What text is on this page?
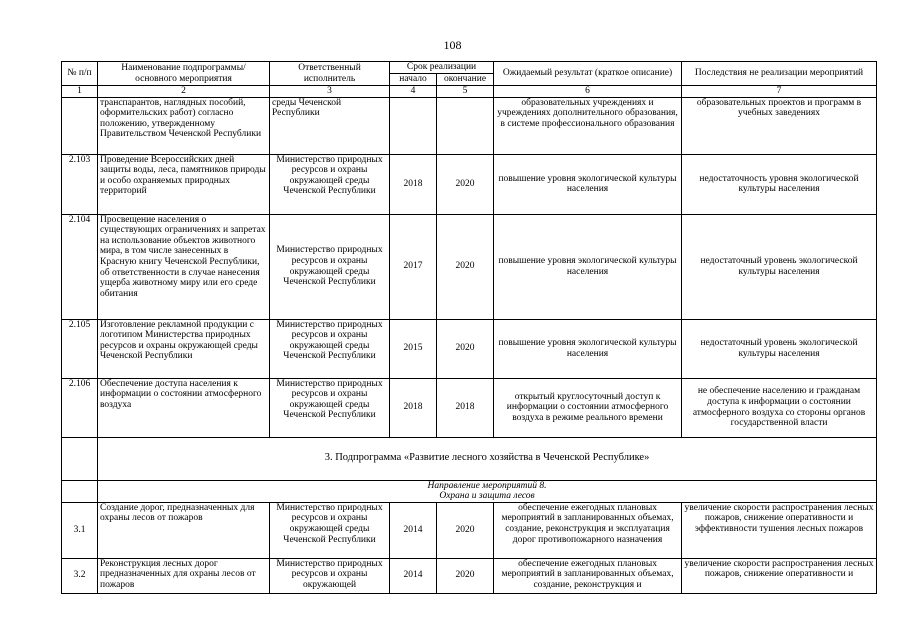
108
№ п/п	Наименование подпрограммы/ основного мероприятия	Ответственный исполнитель	Срок реализации		Ожидаемый результат (краткое описание)	Последствия не реализации мероприятий
			начало	окончание		
1	2	3	4	5	6	7
	транспарантов, наглядных пособий, оформительских работ) согласно положению, утвержденному Правительством Чеченской Республики	среды Чеченской Республики			образовательных учреждениях и учреждениях дополнительного образования, в системе профессионального образования	образовательных проектов и программ в учебных заведениях
2.103	Проведение Всероссийских дней защиты воды, леса, памятников природы и особо охраняемых природных территорий	Министерство природных ресурсов и охраны окружающей среды Чеченской Республики	2018	2020	повышение уровня экологической культуры населения	недостаточность уровня экологической культуры населения
2.104	Просвещение населения о существующих ограничениях и запретах на использование объектов животного мира, в том числе занесенных в Красную книгу Чеченской Республики, об ответственности в случае нанесения ущерба животному миру или его среде обитания	Министерство природных ресурсов и охраны окружающей среды Чеченской Республики	2017	2020	повышение уровня экологической культуры населения	недостаточный уровень экологической культуры населения
2.105	Изготовление рекламной продукции с логотипом Министерства природных ресурсов и охраны окружающей среды Чеченской Республики	Министерство природных ресурсов и охраны окружающей среды Чеченской Республики	2015	2020	повышение уровня экологической культуры населения	недостаточный уровень экологической культуры населения
2.106	Обеспечение доступа населения к информации о состоянии атмосферного воздуха	Министерство природных ресурсов и охраны окружающей среды Чеченской Республики	2018	2018	открытый круглосуточный доступ к информации о состоянии атмосферного воздуха в режиме реального времени	не обеспечение населению и гражданам доступа к информации о состоянии атмосферного воздуха со стороны органов государственной власти
	3. Подпрограмма «Развитие лесного хозяйства в Чеченской Республике»					

	Направление мероприятий 8.
Охрана и защита лесов					

3.1	Создание дорог, предназначенных для охраны лесов от пожаров	Министерство природных ресурсов и охраны окружающей среды Чеченской Республики	2014	2020	обеспечение ежегодных плановых мероприятий в запланированных объемах, создание, реконструкция и эксплуатация дорог противопожарного назначения	увеличение скорости распространения лесных пожаров, снижение оперативности и эффективности тушения лесных пожаров
3.2	Реконструкция лесных дорог предназначенных для охраны лесов от пожаров	Министерство природных ресурсов и охраны окружающей	2014	2020	обеспечение ежегодных плановых мероприятий в запланированных объемах, создание, реконструкция и	увеличение скорости распространения лесных пожаров, снижение оперативности и
